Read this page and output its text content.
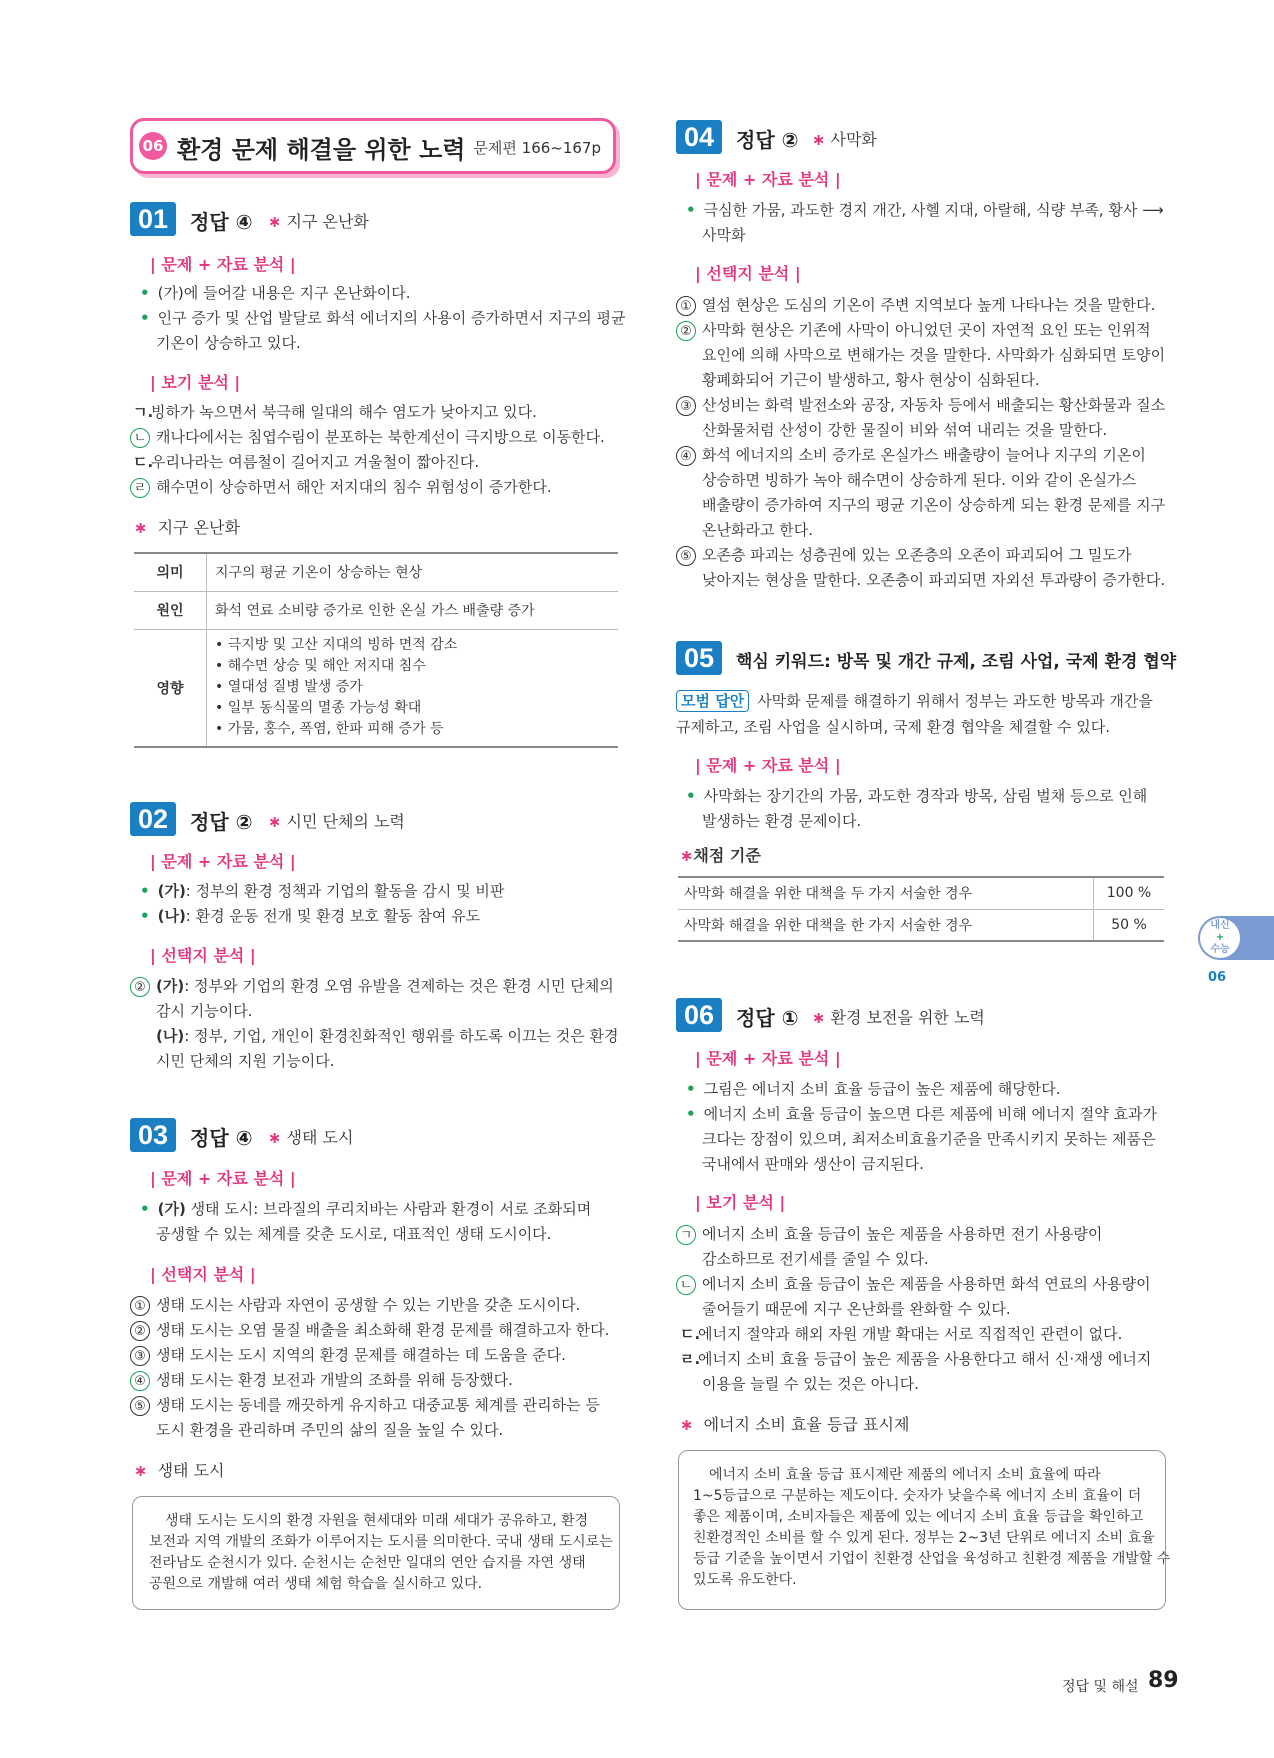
06 환경 문제 해결을 위한 노력 문제편 166~167p
01	정답 ④ ∗ 지구 온난화
| 문제 + 자료 분석 |
• (가)에 들어갈 내용은 지구 온난화이다.
• 인구 증가 및 산업 발달로 화석 에너지의 사용이 증가하면서 지구의 평균
기온이 상승하고 있다.
| 보기 분석 |
ㄱ.빙하가 녹으면서 북극해 일대의 해수 염도가 낮아지고 있다.
ㄴ 캐나다에서는 침엽수림이 분포하는 북한계선이 극지방으로 이동한다.
ㄷ.우리나라는 여름철이 길어지고 겨울철이 짧아진다.
ㄹ 해수면이 상승하면서 해안 저지대의 침수 위험성이 증가한다.
∗ 지구 온난화
의미	지구의 평균 기온이 상승하는 현상
원인	화석 연료 소비량 증가로 인한 온실 가스 배출량 증가
영향	• 극지방 및 고산 지대의 빙하 면적 감소
• 해수면 상승 및 해안 저지대 침수
• 열대성 질병 발생 증가
• 일부 동식물의 멸종 가능성 확대
• 가뭄, 홍수, 폭염, 한파 피해 증가 등
02	정답 ② ∗ 시민 단체의 노력
| 문제 + 자료 분석 |
• (가): 정부의 환경 정책과 기업의 활동을 감시 및 비판
• (나): 환경 운동 전개 및 환경 보호 활동 참여 유도
| 선택지 분석 |
② (가): 정부와 기업의 환경 오염 유발을 견제하는 것은 환경 시민 단체의
감시 기능이다.
(나): 정부, 기업, 개인이 환경친화적인 행위를 하도록 이끄는 것은 환경
시민 단체의 지원 기능이다.
03	정답 ④ ∗ 생태 도시
| 문제 + 자료 분석 |
• (가) 생태 도시: 브라질의 쿠리치바는 사람과 환경이 서로 조화되며
공생할 수 있는 체계를 갖춘 도시로, 대표적인 생태 도시이다.
| 선택지 분석 |
① 생태 도시는 사람과 자연이 공생할 수 있는 기반을 갖춘 도시이다.
② 생태 도시는 오염 물질 배출을 최소화해 환경 문제를 해결하고자 한다.
③ 생태 도시는 도시 지역의 환경 문제를 해결하는 데 도움을 준다.
④ 생태 도시는 환경 보전과 개발의 조화를 위해 등장했다.
⑤ 생태 도시는 동네를 깨끗하게 유지하고 대중교통 체계를 관리하는 등
도시 환경을 관리하며 주민의 삶의 질을 높일 수 있다.
∗ 생태 도시
생태 도시는 도시의 환경 자원을 현세대와 미래 세대가 공유하고, 환경
보전과 지역 개발의 조화가 이루어지는 도시를 의미한다. 국내 생태 도시로는
전라남도 순천시가 있다. 순천시는 순천만 일대의 연안 습지를 자연 생태
공원으로 개발해 여러 생태 체험 학습을 실시하고 있다.
04	정답 ② ∗ 사막화
| 문제 + 자료 분석 |
• 극심한 가뭄, 과도한 경지 개간, 사헬 지대, 아랄해, 식량 부족, 황사 ⟶
사막화
| 선택지 분석 |
① 열섬 현상은 도심의 기온이 주변 지역보다 높게 나타나는 것을 말한다.
② 사막화 현상은 기존에 사막이 아니었던 곳이 자연적 요인 또는 인위적
요인에 의해 사막으로 변해가는 것을 말한다. 사막화가 심화되면 토양이
황폐화되어 기근이 발생하고, 황사 현상이 심화된다.
③ 산성비는 화력 발전소와 공장, 자동차 등에서 배출되는 황산화물과 질소
산화물처럼 산성이 강한 물질이 비와 섞여 내리는 것을 말한다.
④ 화석 에너지의 소비 증가로 온실가스 배출량이 늘어나 지구의 기온이
상승하면 빙하가 녹아 해수면이 상승하게 된다. 이와 같이 온실가스
배출량이 증가하여 지구의 평균 기온이 상승하게 되는 환경 문제를 지구
온난화라고 한다.
⑤ 오존층 파괴는 성층권에 있는 오존층의 오존이 파괴되어 그 밀도가
낮아지는 현상을 말한다. 오존층이 파괴되면 자외선 투과량이 증가한다.
05	핵심 키워드: 방목 및 개간 규제, 조림 사업, 국제 환경 협약
모범 답안 사막화 문제를 해결하기 위해서 정부는 과도한 방목과 개간을
규제하고, 조림 사업을 실시하며, 국제 환경 협약을 체결할 수 있다.
| 문제 + 자료 분석 |
• 사막화는 장기간의 가뭄, 과도한 경작과 방목, 삼림 벌채 등으로 인해
발생하는 환경 문제이다.
∗채점 기준
사막화 해결을 위한 대책을 두 가지 서술한 경우	100 %
사막화 해결을 위한 대책을 한 가지 서술한 경우	50 %
06	정답 ① ∗ 환경 보전을 위한 노력
| 문제 + 자료 분석 |
• 그림은 에너지 소비 효율 등급이 높은 제품에 해당한다.
• 에너지 소비 효율 등급이 높으면 다른 제품에 비해 에너지 절약 효과가
크다는 장점이 있으며, 최저소비효율기준을 만족시키지 못하는 제품은
국내에서 판매와 생산이 금지된다.
| 보기 분석 |
ㄱ 에너지 소비 효율 등급이 높은 제품을 사용하면 전기 사용량이
감소하므로 전기세를 줄일 수 있다.
ㄴ 에너지 소비 효율 등급이 높은 제품을 사용하면 화석 연료의 사용량이
줄어들기 때문에 지구 온난화를 완화할 수 있다.
ㄷ.에너지 절약과 해외 자원 개발 확대는 서로 직접적인 관련이 없다.
ㄹ.에너지 소비 효율 등급이 높은 제품을 사용한다고 해서 신·재생 에너지
이용을 늘릴 수 있는 것은 아니다.
∗ 에너지 소비 효율 등급 표시제
에너지 소비 효율 등급 표시제란 제품의 에너지 소비 효율에 따라
1~5등급으로 구분하는 제도이다. 숫자가 낮을수록 에너지 소비 효율이 더
좋은 제품이며, 소비자들은 제품에 있는 에너지 소비 효율 등급을 확인하고
친환경적인 소비를 할 수 있게 된다. 정부는 2~3년 단위로 에너지 소비 효율
등급 기준을 높이면서 기업이 친환경 산업을 육성하고 친환경 제품을 개발할 수
있도록 유도한다.
내신
+
수능
06
정답 및 해설 89
